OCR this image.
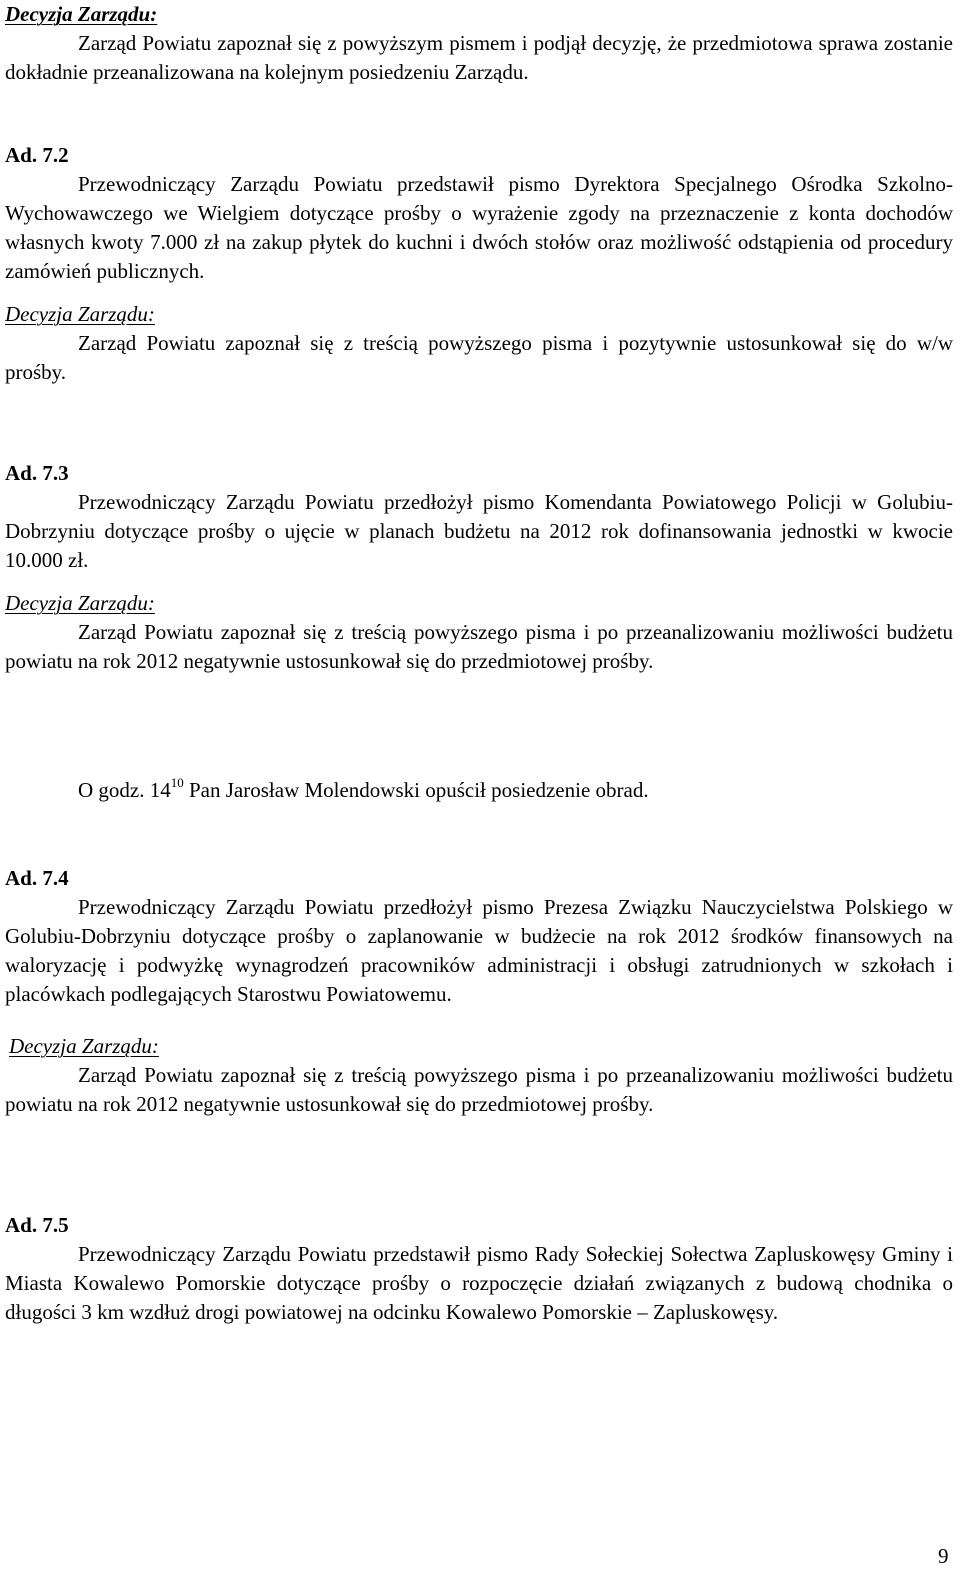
Decyzja Zarządu:

Zarząd Powiatu zapoznał się z powyższym pismem i podjął decyzję, że przedmiotowa sprawa zostanie dokładnie przeanalizowana na kolejnym posiedzeniu Zarządu.

Ad. 7.2

Przewodniczący Zarządu Powiatu przedstawił pismo Dyrektora Specjalnego Ośrodka Szkolno-Wychowawczego we Wielgiem dotyczące prośby o wyrażenie zgody na przeznaczenie z konta dochodów własnych kwoty 7.000 zł na zakup płytek do kuchni i dwóch stołów oraz możliwość odstąpienia od procedury zamówień publicznych.

Decyzja Zarządu:

Zarząd Powiatu zapoznał się z treścią powyższego pisma i pozytywnie ustosunkował się do w/w prośby.

Ad. 7.3

Przewodniczący Zarządu Powiatu przedłożył pismo Komendanta Powiatowego Policji w Golubiu-Dobrzyniu dotyczące prośby o ujęcie w planach budżetu na 2012 rok dofinansowania jednostki w kwocie 10.000 zł.

Decyzja Zarządu:

Zarząd Powiatu zapoznał się z treścią powyższego pisma i po przeanalizowaniu możliwości budżetu powiatu na rok 2012 negatywnie ustosunkował się do przedmiotowej prośby.

O godz. $14^{10}$ Pan Jarosław Molendowski opuścił posiedzenie obrad.

Ad. 7.4

Przewodniczący Zarządu Powiatu przedłożył pismo Prezesa Związku Nauczycielstwa Polskiego w Golubiu-Dobrzyniu dotyczące prośby o zaplanowanie w budżecie na rok 2012 środków finansowych na waloryzację i podwyżkę wynagrodzeń pracowników administracji i obsługi zatrudnionych w szkołach i placówkach podlegających Starostwu Powiatowemu.

Decyzja Zarządu:

Zarząd Powiatu zapoznał się z treścią powyższego pisma i po przeanalizowaniu możliwości budżetu powiatu na rok 2012 negatywnie ustosunkował się do przedmiotowej prośby.

Ad. 7.5

Przewodniczący Zarządu Powiatu przedstawił pismo Rady Sołeckiej Sołectwa Zapluskowęsy Gminy i Miasta Kowalewo Pomorskie dotyczące prośby o rozpoczęcie działań związanych z budową chodnika o długości 3 km wzdłuż drogi powiatowej na odcinku Kowalewo Pomorskie – Zapluskowęsy.

9
